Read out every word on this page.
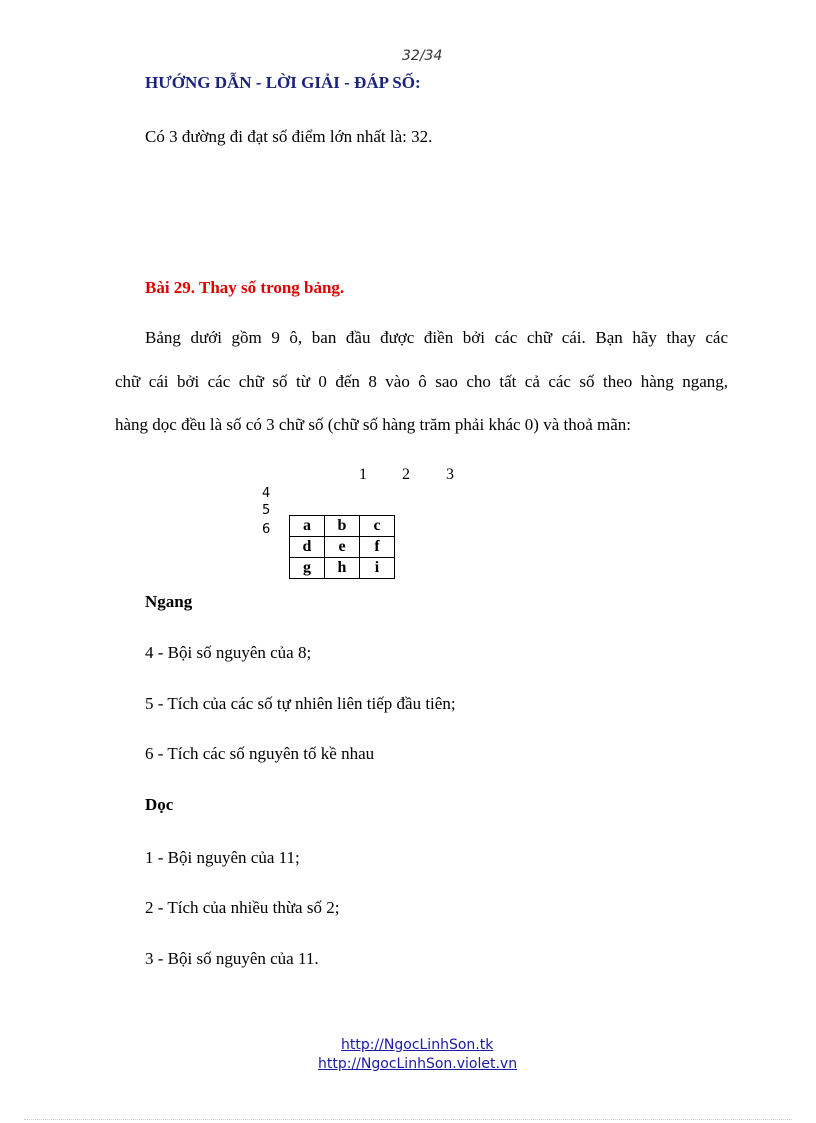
32/34
HƯỚNG DẪN - LỜI GIẢI - ĐÁP SỐ:
Có 3 đường đi đạt số điểm lớn nhất là: 32.
Bài 29. Thay số trong bảng.
Bảng dưới gồm 9 ô, ban đầu được điền bởi các chữ cái. Bạn hãy thay các
chữ cái bởi các chữ số từ 0 đến 8 vào ô sao cho tất cả các số theo hàng ngang,
hàng dọc đều là số có 3 chữ số (chữ số hàng trăm phải khác 0) và thoả mãn:
1 2 3
4
5
6 a	b	c
d	e	f
g	h	i
Ngang
4 - Bội số nguyên của 8;
5 - Tích của các số tự nhiên liên tiếp đầu tiên;
6 - Tích các số nguyên tố kề nhau
Dọc
1 - Bội nguyên của 11;
2 - Tích của nhiều thừa số 2;
3 - Bội số nguyên của 11.
http://NgocLinhSon.tk
http://NgocLinhSon.violet.vn
